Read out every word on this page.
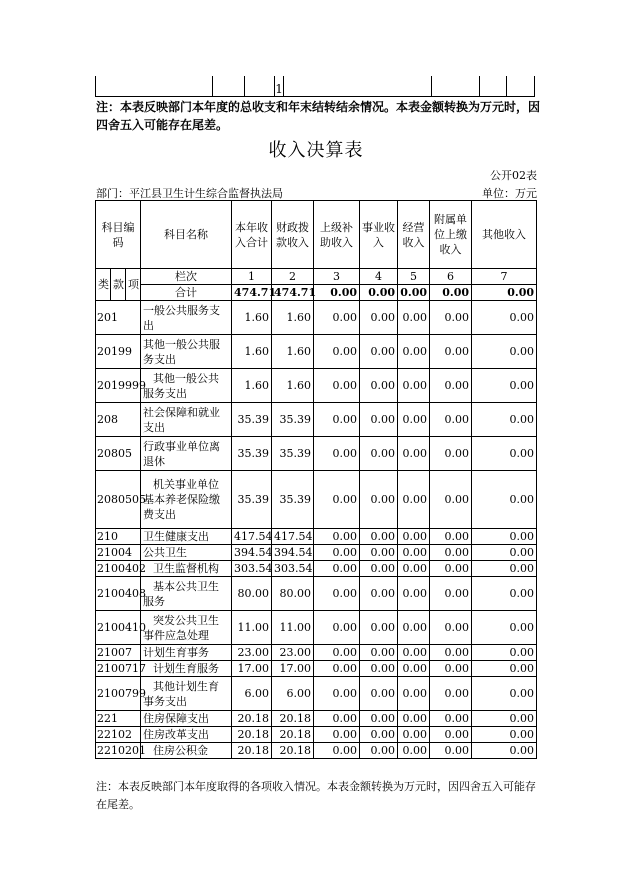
			1				
注：本表反映部门本年度的总收支和年末结转结余情况。本表金额转换为万元时，因四舍五入可能存在尾差。
收入决算表
公开02表
部门：平江县卫生计生综合监督执法局	单位：万元
科目编码			科目名称	本年收入合计	财政拨款收入	上级补助收入	事业收入	经营收入	附属单位上缴收入	其他收入
类	款	项	栏次	1	2	3	4	5	6	7
			合计	474.71	474.71	0.00	0.00	0.00	0.00	0.00
201			一般公共服务支出	1.60	1.60	0.00	0.00	0.00	0.00	0.00
20199			其他一般公共服务支出	1.60	1.60	0.00	0.00	0.00	0.00	0.00
2019999			其他一般公共服务支出	1.60	1.60	0.00	0.00	0.00	0.00	0.00
208			社会保障和就业支出	35.39	35.39	0.00	0.00	0.00	0.00	0.00
20805			行政事业单位离退休	35.39	35.39	0.00	0.00	0.00	0.00	0.00
2080505			机关事业单位基本养老保险缴费支出	35.39	35.39	0.00	0.00	0.00	0.00	0.00
210			卫生健康支出	417.54	417.54	0.00	0.00	0.00	0.00	0.00
21004			公共卫生	394.54	394.54	0.00	0.00	0.00	0.00	0.00
2100402			卫生监督机构	303.54	303.54	0.00	0.00	0.00	0.00	0.00
2100408			基本公共卫生服务	80.00	80.00	0.00	0.00	0.00	0.00	0.00
2100410			突发公共卫生事件应急处理	11.00	11.00	0.00	0.00	0.00	0.00	0.00
21007			计划生育事务	23.00	23.00	0.00	0.00	0.00	0.00	0.00
2100717			计划生育服务	17.00	17.00	0.00	0.00	0.00	0.00	0.00
2100799			其他计划生育事务支出	6.00	6.00	0.00	0.00	0.00	0.00	0.00
221			住房保障支出	20.18	20.18	0.00	0.00	0.00	0.00	0.00
22102			住房改革支出	20.18	20.18	0.00	0.00	0.00	0.00	0.00
2210201			住房公积金	20.18	20.18	0.00	0.00	0.00	0.00	0.00
注：本表反映部门本年度取得的各项收入情况。本表金额转换为万元时，因四舍五入可能存在尾差。
